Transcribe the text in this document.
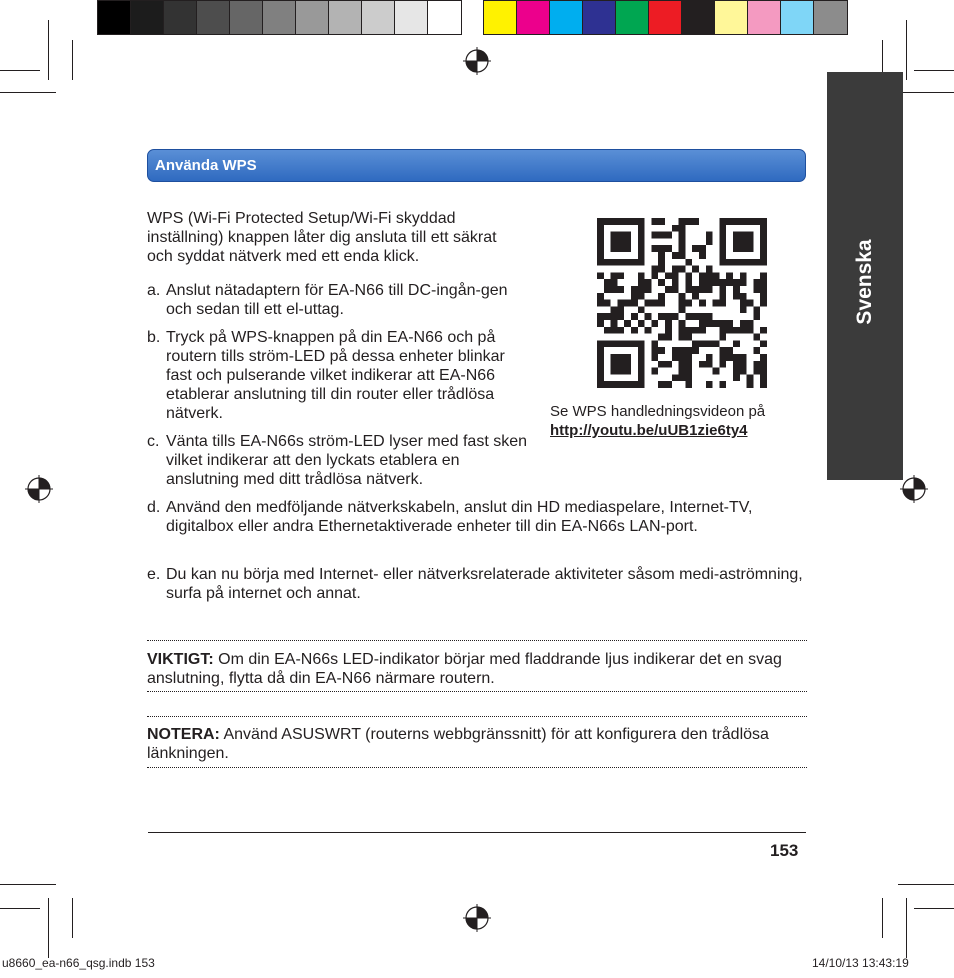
Svenska
Använda WPS

WPS (Wi-Fi Protected Setup/Wi-Fi skyddad inställning) knappen låter dig ansluta till ett säkrat och syddat nätverk med ett enda klick.

a. Anslut nätadaptern för EA-N66 till DC-ingån-gen och sedan till ett el-uttag.

b. Tryck på WPS-knappen på din EA-N66 och på routern tills ström-LED på dessa enheter blinkar fast och pulserande vilket indikerar att EA-N66 etablerar anslutning till din router eller trådlösa nätverk.

c. Vänta tills EA-N66s ström-LED lyser med fast sken vilket indikerar att den lyckats etablera en anslutning med ditt trådlösa nätverk.

d. Använd den medföljande nätverkskabeln, anslut din HD mediaspelare, Internet-TV, digitalbox eller andra Ethernetaktiverade enheter till din EA-N66s LAN-port.

e. Du kan nu börja med Internet- eller nätverksrelaterade aktiviteter såsom medi-aströmning, surfa på internet och annat.

Se WPS handledningsvideon på
http://youtu.be/uUB1zie6ty4
VIKTIGT: Om din EA-N66s LED-indikator börjar med fladdrande ljus indikerar det en svag anslutning, flytta då din EA-N66 närmare routern.
NOTERA: Använd ASUSWRT (routerns webbgränssnitt) för att konfigurera den trådlösa länkningen.
153
u8660_ea-n66_qsg.indb 153	14/10/13 13:43:19
